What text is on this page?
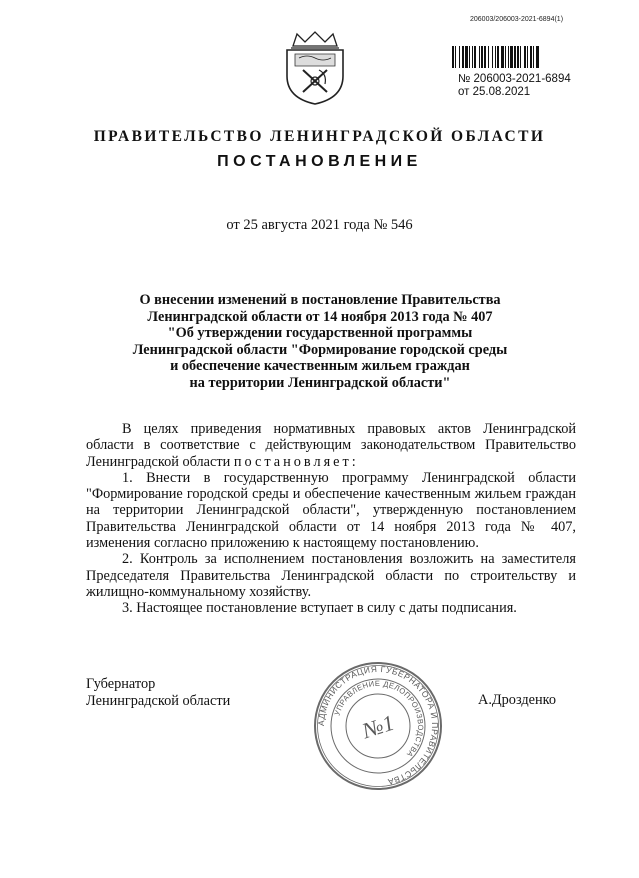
206003/206003-2021-6894(1)
№ 206003-2021-6894
от 25.08.2021
ПРАВИТЕЛЬСТВО ЛЕНИНГРАДСКОЙ ОБЛАСТИ
ПОСТАНОВЛЕНИЕ
от 25 августа 2021 года № 546
О внесении изменений в постановление Правительства
Ленинградской области от 14 ноября 2013 года № 407
"Об утверждении государственной программы
Ленинградской области "Формирование городской среды
и обеспечение качественным жильем граждан
на территории Ленинградской области"

В целях приведения нормативных правовых актов Ленинградской области в соответствие с действующим законодательством Правительство Ленинградской области постановляет:

1. Внести в государственную программу Ленинградской области "Формирование городской среды и обеспечение качественным жильем граждан на территории Ленинградской области", утвержденную постановлением Правительства Ленинградской области от 14 ноября 2013 года № 407, изменения согласно приложению к настоящему постановлению.

2. Контроль за исполнением постановления возложить на заместителя Председателя Правительства Ленинградской области по строительству и жилищно-коммунальному хозяйству.

3. Настоящее постановление вступает в силу с даты подписания.

Губернатор
Ленинградской области	А.Дрозденко
АДМИНИСТРАЦИЯ ГУБЕРНАТОРА И ПРАВИТЕЛЬСТВА
УПРАВЛЕНИЕ ДЕЛОПРОИЗВОДСТВА
№1
